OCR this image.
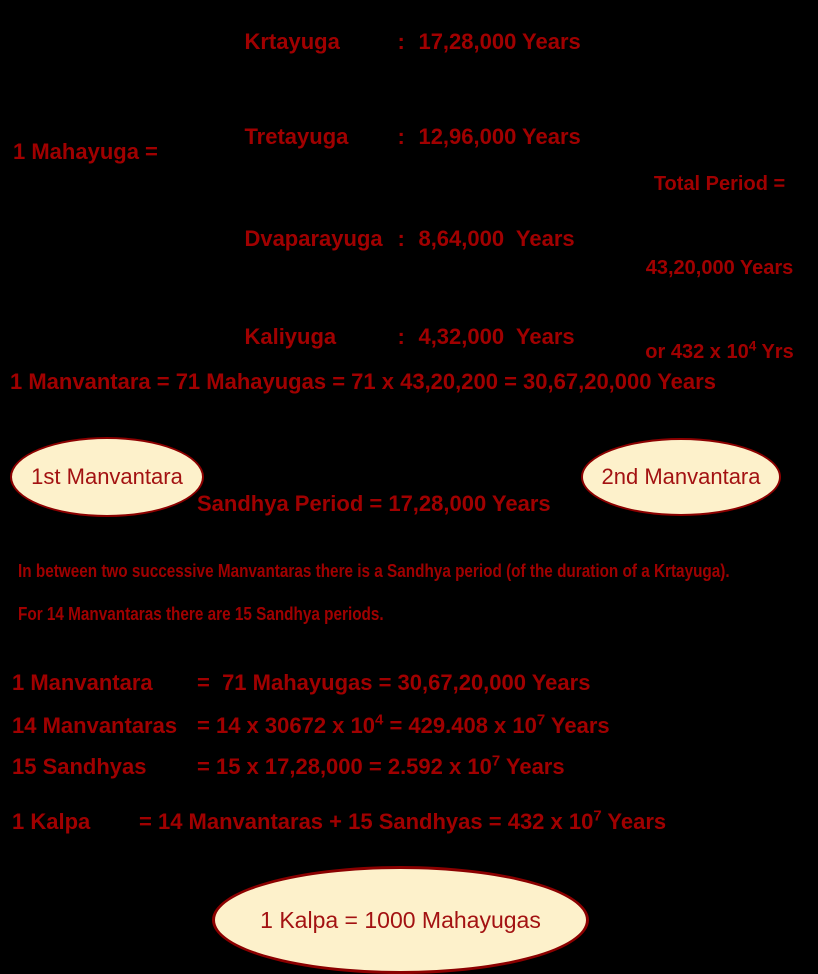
1 Mahayuga =

Krtayuga	: 17,28,000 Years

Tretayuga : 12,96,000 Years

Dvaparayuga : 8,64,000  Years

Kaliyuga	: 4,32,000  Years

Total Period =

43,20,000 Years

or 432 x $10^4$ Yrs

1 Manvantara = 71 Mahayugas = 71 x 43,20,200 = 30,67,20,000 Years
1st Manvantara	2nd Manvantara
Sandhya Period = 17,28,000 Years
In between two successive Manvantaras there is a Sandhya period (of the duration of a Krtayuga).
For 14 Manvantaras there are 15 Sandhya periods.
1 Manvantara =  71 Mahayugas = 30,67,20,000 Years
14 Manvantaras = 14 x 30672 x $10^4 = 429.408$ x $10^7$ Years
15 Sandhyas = 15 x 17,28,000 = 2.592 x $10^7$ Years
1 Kalpa = 14 Manvantaras + 15 Sandhyas = 432 x $10^7$ Years
1 Kalpa = 1000 Mahayugas
